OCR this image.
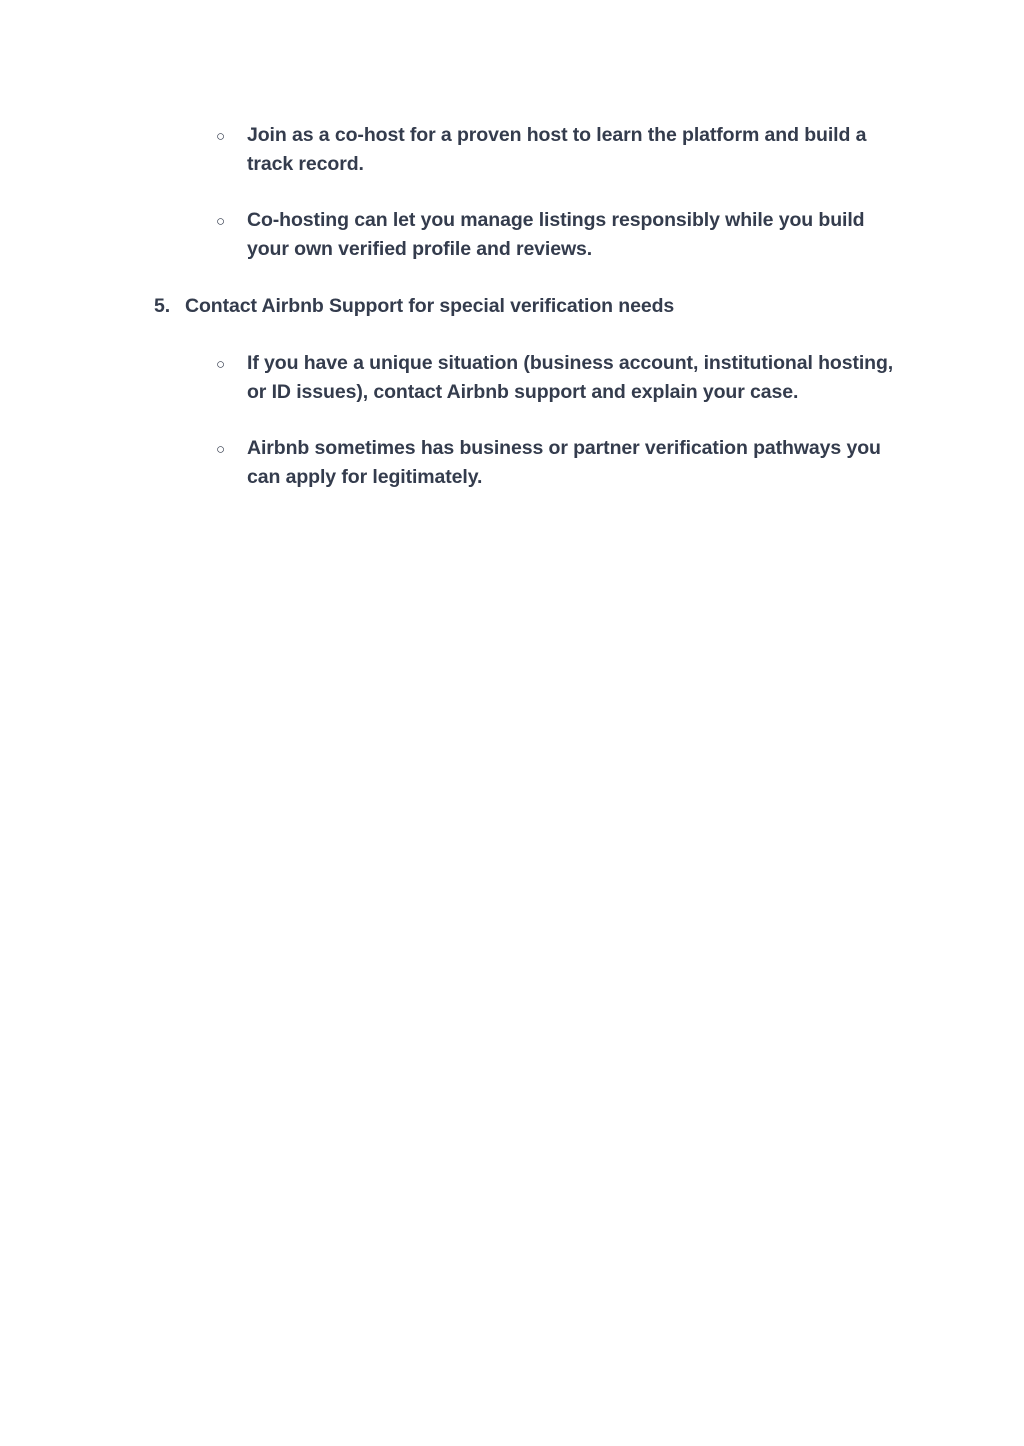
○	Join as a co-host for a proven host to learn the platform and build a track record.
○	Co-hosting can let you manage listings responsibly while you build your own verified profile and reviews.
5. Contact Airbnb Support for special verification needs
○	If you have a unique situation (business account, institutional hosting, or ID issues), contact Airbnb support and explain your case.
○	Airbnb sometimes has business or partner verification pathways you can apply for legitimately.
